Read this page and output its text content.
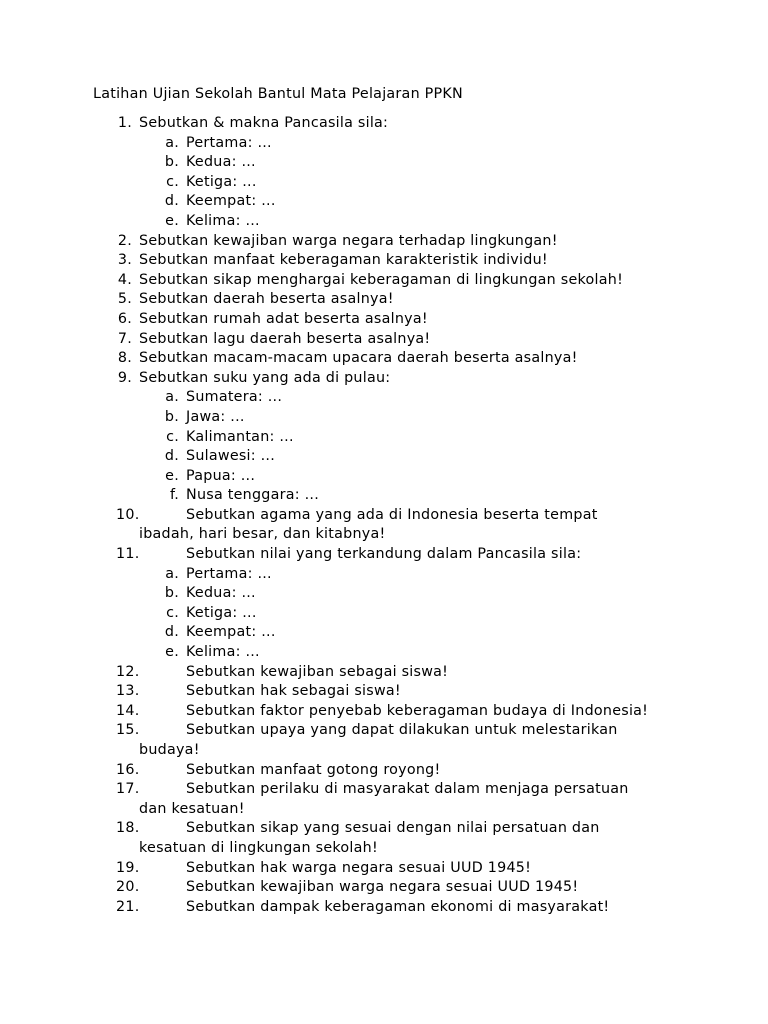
Latihan Ujian Sekolah Bantul Mata Pelajaran PPKN
1. Sebutkan & makna Pancasila sila:
a. Pertama: ...
b. Kedua: ...
c. Ketiga: ...
d. Keempat: ...
e. Kelima: ...
2. Sebutkan kewajiban warga negara terhadap lingkungan!
3. Sebutkan manfaat keberagaman karakteristik individu!
4. Sebutkan sikap menghargai keberagaman di lingkungan sekolah!
5. Sebutkan daerah beserta asalnya!
6. Sebutkan rumah adat beserta asalnya!
7. Sebutkan lagu daerah beserta asalnya!
8. Sebutkan macam-macam upacara daerah beserta asalnya!
9. Sebutkan suku yang ada di pulau:
a. Sumatera: ...
b. Jawa: ...
c. Kalimantan: ...
d. Sulawesi: ...
e. Papua: ...
f. Nusa tenggara: ...
10.	Sebutkan agama yang ada di Indonesia beserta tempat
ibadah, hari besar, dan kitabnya!
11.	Sebutkan nilai yang terkandung dalam Pancasila sila:
a. Pertama: ...
b. Kedua: ...
c. Ketiga: ...
d. Keempat: ...
e. Kelima: ...
12.	Sebutkan kewajiban sebagai siswa!
13.	Sebutkan hak sebagai siswa!
14.	Sebutkan faktor penyebab keberagaman budaya di Indonesia!
15.	Sebutkan upaya yang dapat dilakukan untuk melestarikan
budaya!
16.	Sebutkan manfaat gotong royong!
17.	Sebutkan perilaku di masyarakat dalam menjaga persatuan
dan kesatuan!
18.	Sebutkan sikap yang sesuai dengan nilai persatuan dan
kesatuan di lingkungan sekolah!
19.	Sebutkan hak warga negara sesuai UUD 1945!
20.	Sebutkan kewajiban warga negara sesuai UUD 1945!
21.	Sebutkan dampak keberagaman ekonomi di masyarakat!
